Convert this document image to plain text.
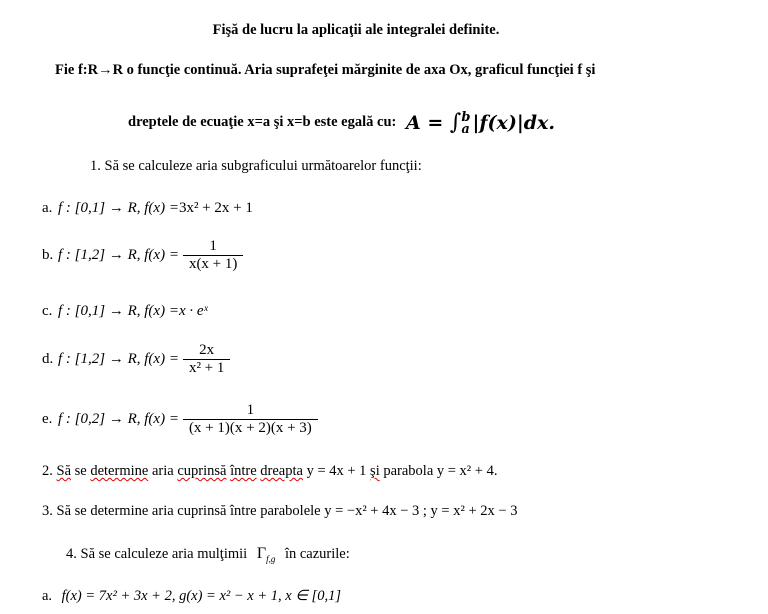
Fişă de lucru la aplicaţii ale integralei definite.
Fie f:R→R o funcţie continuă. Aria suprafeţei mărginite de axa Ox, graficul funcţiei f şi
dreptele de ecuaţie x=a şi x=b este egală cu: A = ∫ b
a |f(x)|dx.
1. Să se calculeze aria subgraficului următoarelor funcţii:
a. f : [0,1] → R, f(x) = 3x² + 2x + 1
b. f : [1,2] → R, $f(x) = \frac{1}{x(x + 1)}$
c. f : [0,1] → R, f(x) = x · eˣ
d. f : [1,2] → R, $f(x) = \frac{2x}{\text{x² + 1}}$
e. f : [0,2] → R, $f(x) = \frac{1}{(x + 1)(x + 2)(x + 3)}$
2. Să se determine aria cuprinsă între dreapta y = 4x + 1 şi parabola y = x² + 4.
3. Să se determine aria cuprinsă între parabolele y = −x² + 4x − 3 ; y = x² + 2x − 3
4. Să se calculeze aria mulţimii $\Gamma_{f,g}$ în cazurile:
a. f(x) = 7x² + 3x + 2, g(x) = x² − x + 1, x ∈ [0,1]
